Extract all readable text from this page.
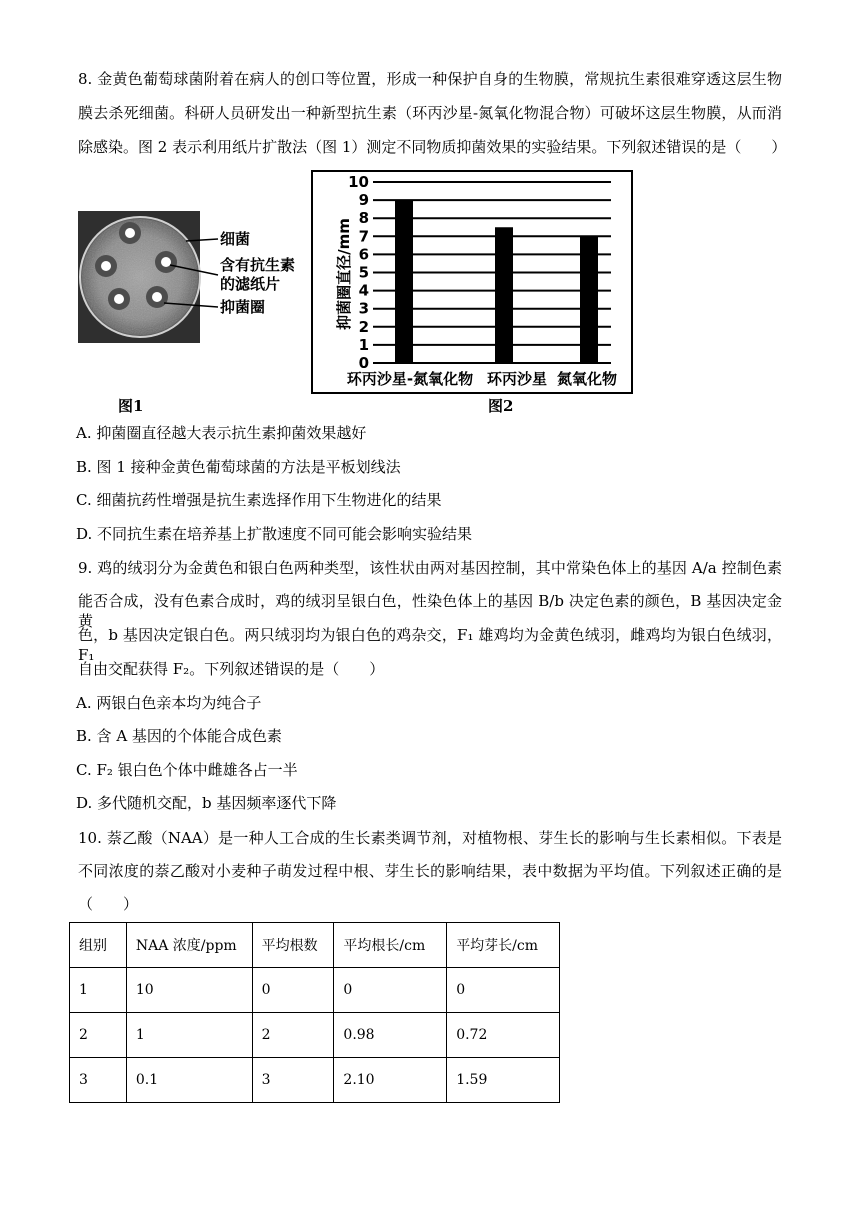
8. 金黄色葡萄球菌附着在病人的创口等位置，形成一种保护自身的生物膜，常规抗生素很难穿透这层生物
膜去杀死细菌。科研人员研发出一种新型抗生素（环丙沙星-氮氧化物混合物）可破坏这层生物膜，从而消
除感染。图 2 表示利用纸片扩散法（图 1）测定不同物质抑菌效果的实验结果。下列叙述错误的是（　　）
细菌
含有抗生素
的滤纸片
抑菌圈	抑菌圈直径/mm
0
1
2
3
4
5
6
7
8
9
10
环丙沙星-氮氧化物 环丙沙星 氮氧化物
图1	图2
A. 抑菌圈直径越大表示抗生素抑菌效果越好
B. 图 1 接种金黄色葡萄球菌的方法是平板划线法
C. 细菌抗药性增强是抗生素选择作用下生物进化的结果
D. 不同抗生素在培养基上扩散速度不同可能会影响实验结果
9. 鸡的绒羽分为金黄色和银白色两种类型，该性状由两对基因控制，其中常染色体上的基因 A/a 控制色素
能否合成，没有色素合成时，鸡的绒羽呈银白色，性染色体上的基因 B/b 决定色素的颜色，B 基因决定金黄
色，b 基因决定银白色。两只绒羽均为银白色的鸡杂交，F₁ 雄鸡均为金黄色绒羽，雌鸡均为银白色绒羽，F₁
自由交配获得 F₂。下列叙述错误的是（　　）
A. 两银白色亲本均为纯合子
B. 含 A 基因的个体能合成色素
C. F₂ 银白色个体中雌雄各占一半
D. 多代随机交配，b 基因频率逐代下降
10. 萘乙酸（NAA）是一种人工合成的生长素类调节剂，对植物根、芽生长的影响与生长素相似。下表是
不同浓度的萘乙酸对小麦种子萌发过程中根、芽生长的影响结果，表中数据为平均值。下列叙述正确的是
（　　）
组别	NAA 浓度/ppm	平均根数	平均根长/cm	平均芽长/cm
1	10	0	0	0
2	1	2	0.98	0.72
3	0.1	3	2.10	1.59
